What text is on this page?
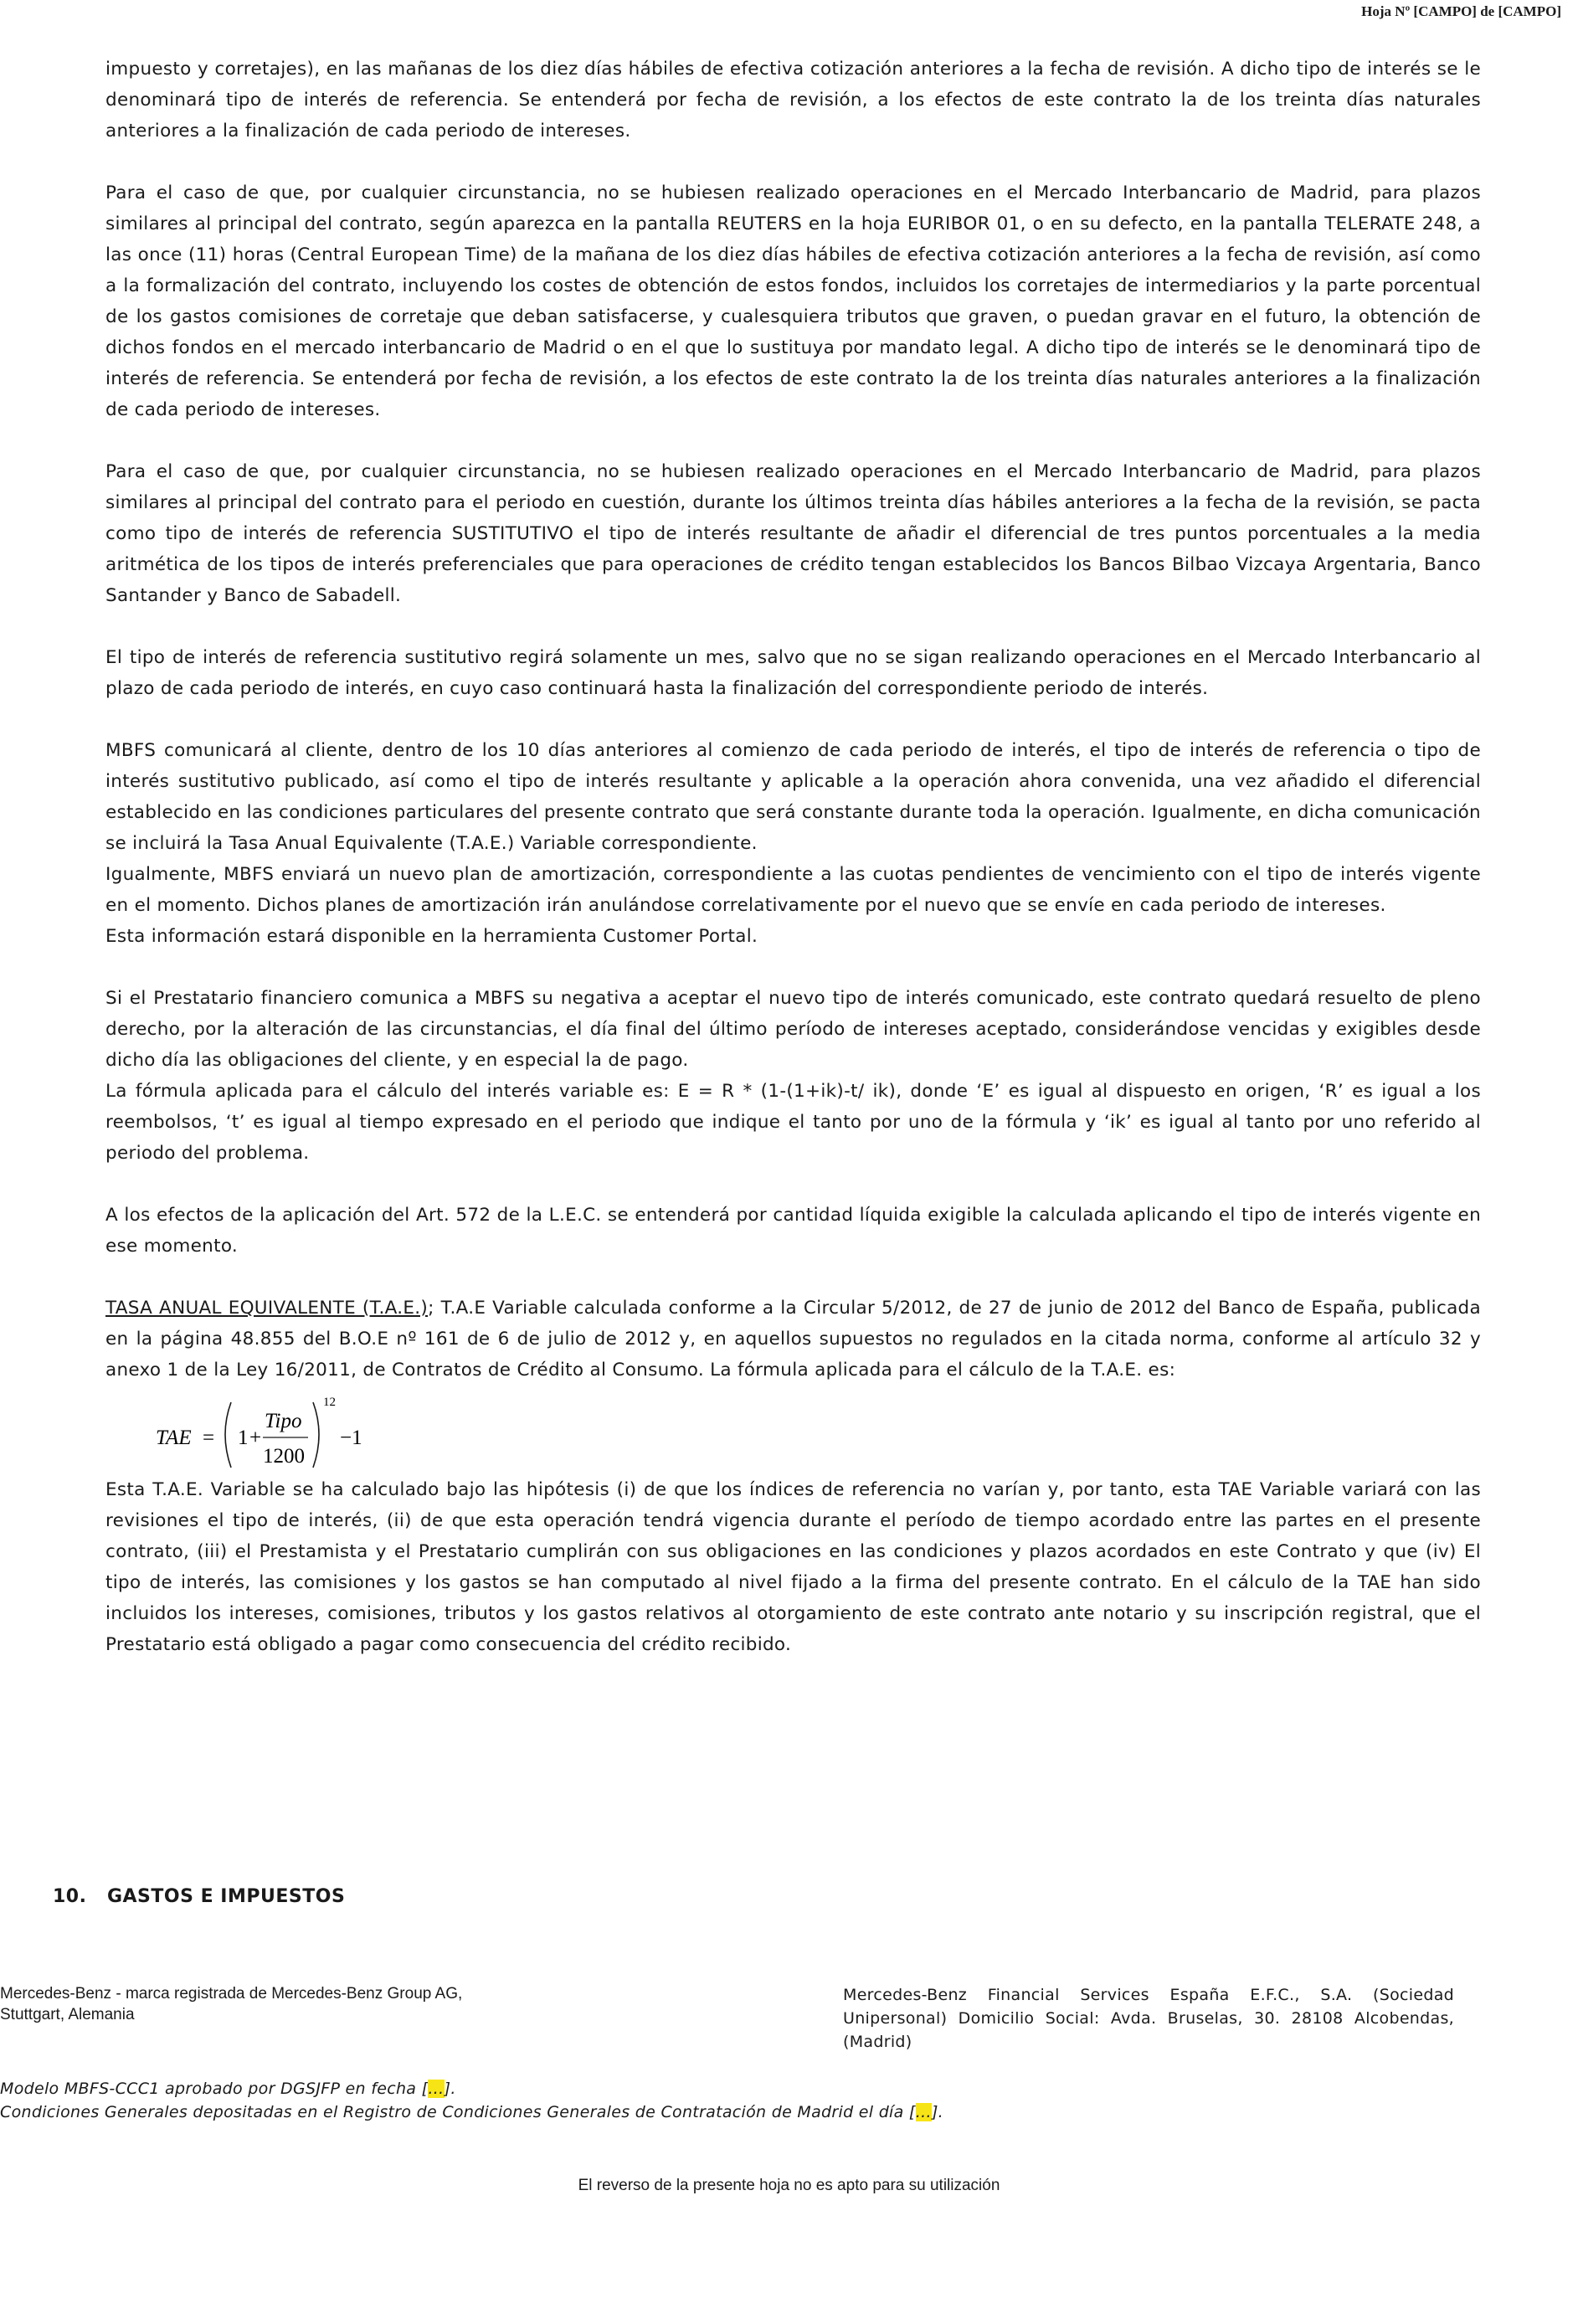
Hoja Nº [CAMPO] de [CAMPO]

impuesto y corretajes), en las mañanas de los diez días hábiles de efectiva cotización anteriores a la fecha de revisión. A dicho tipo de interés se le denominará tipo de interés de referencia. Se entenderá por fecha de revisión, a los efectos de este contrato la de los treinta días naturales anteriores a la finalización de cada periodo de intereses.

Para el caso de que, por cualquier circunstancia, no se hubiesen realizado operaciones en el Mercado Interbancario de Madrid, para plazos similares al principal del contrato, según aparezca en la pantalla REUTERS en la hoja EURIBOR 01, o en su defecto, en la pantalla TELERATE 248, a las once (11) horas (Central European Time) de la mañana de los diez días hábiles de efectiva cotización anteriores a la fecha de revisión, así como a la formalización del contrato, incluyendo los costes de obtención de estos fondos, incluidos los corretajes de intermediarios y la parte porcentual de los gastos comisiones de corretaje que deban satisfacerse, y cualesquiera tributos que graven, o puedan gravar en el futuro, la obtención de dichos fondos en el mercado interbancario de Madrid o en el que lo sustituya por mandato legal. A dicho tipo de interés se le denominará tipo de interés de referencia. Se entenderá por fecha de revisión, a los efectos de este contrato la de los treinta días naturales anteriores a la finalización de cada periodo de intereses.

Para el caso de que, por cualquier circunstancia, no se hubiesen realizado operaciones en el Mercado Interbancario de Madrid, para plazos similares al principal del contrato para el periodo en cuestión, durante los últimos treinta días hábiles anteriores a la fecha de la revisión, se pacta como tipo de interés de referencia SUSTITUTIVO el tipo de interés resultante de añadir el diferencial de tres puntos porcentuales a la media aritmética de los tipos de interés preferenciales que para operaciones de crédito tengan establecidos los Bancos Bilbao Vizcaya Argentaria, Banco Santander y Banco de Sabadell.

El tipo de interés de referencia sustitutivo regirá solamente un mes, salvo que no se sigan realizando operaciones en el Mercado Interbancario al plazo de cada periodo de interés, en cuyo caso continuará hasta la finalización del correspondiente periodo de interés.

MBFS comunicará al cliente, dentro de los 10 días anteriores al comienzo de cada periodo de interés, el tipo de interés de referencia o tipo de interés sustitutivo publicado, así como el tipo de interés resultante y aplicable a la operación ahora convenida, una vez añadido el diferencial establecido en las condiciones particulares del presente contrato que será constante durante toda la operación. Igualmente, en dicha comunicación se incluirá la Tasa Anual Equivalente (T.A.E.) Variable correspondiente.

Igualmente, MBFS enviará un nuevo plan de amortización, correspondiente a las cuotas pendientes de vencimiento con el tipo de interés vigente en el momento. Dichos planes de amortización irán anulándose correlativamente por el nuevo que se envíe en cada periodo de intereses.

Esta información estará disponible en la herramienta Customer Portal.

Si el Prestatario financiero comunica a MBFS su negativa a aceptar el nuevo tipo de interés comunicado, este contrato quedará resuelto de pleno derecho, por la alteración de las circunstancias, el día final del último período de intereses aceptado, considerándose vencidas y exigibles desde dicho día las obligaciones del cliente, y en especial la de pago.

La fórmula aplicada para el cálculo del interés variable es: E = R * (1-(1+ik)-t/ ik), donde ‘E’ es igual al dispuesto en origen, ‘R’ es igual a los reembolsos, ‘t’ es igual al tiempo expresado en el periodo que indique el tanto por uno de la fórmula y ‘ik’ es igual al tanto por uno referido al periodo del problema.

A los efectos de la aplicación del Art. 572 de la L.E.C. se entenderá por cantidad líquida exigible la calculada aplicando el tipo de interés vigente en ese momento.

TASA ANUAL EQUIVALENTE (T.A.E.); T.A.E Variable calculada conforme a la Circular 5/2012, de 27 de junio de 2012 del Banco de España, publicada en la página 48.855 del B.O.E nº 161 de 6 de julio de 2012 y, en aquellos supuestos no regulados en la citada norma, conforme al artículo 32 y anexo 1 de la Ley 16/2011, de Contratos de Crédito al Consumo. La fórmula aplicada para el cálculo de la T.A.E. es:

TAE = 1 +
Tipo
1200
12
−1

Esta T.A.E. Variable se ha calculado bajo las hipótesis (i) de que los índices de referencia no varían y, por tanto, esta TAE Variable variará con las revisiones el tipo de interés, (ii) de que esta operación tendrá vigencia durante el período de tiempo acordado entre las partes en el presente contrato, (iii) el Prestamista y el Prestatario cumplirán con sus obligaciones en las condiciones y plazos acordados en este Contrato y que (iv) El tipo de interés, las comisiones y los gastos se han computado al nivel fijado a la firma del presente contrato. En el cálculo de la TAE han sido incluidos los intereses, comisiones, tributos y los gastos relativos al otorgamiento de este contrato ante notario y su inscripción registral, que el Prestatario está obligado a pagar como consecuencia del crédito recibido.

10. GASTOS E IMPUESTOS
Mercedes-Benz - marca registrada de Mercedes-Benz Group AG,
Stuttgart, Alemania
Mercedes-Benz Financial Services España E.F.C., S.A. (Sociedad Unipersonal) Domicilio Social: Avda. Bruselas, 30. 28108 Alcobendas, (Madrid)
Modelo MBFS-CCC1 aprobado por DGSJFP en fecha […].
Condiciones Generales depositadas en el Registro de Condiciones Generales de Contratación de Madrid el día […].
El reverso de la presente hoja no es apto para su utilización
